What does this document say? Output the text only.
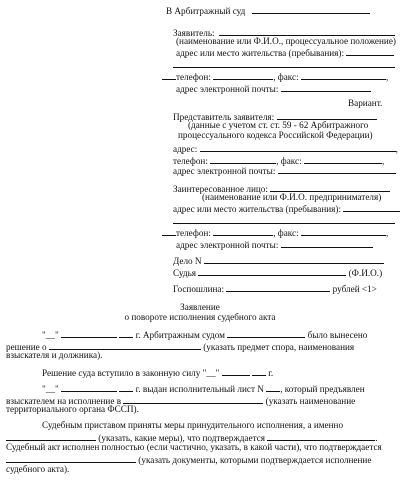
В Арбитражный суд
Заявитель:
(наименование или Ф.И.О., процессуальное положение)
адрес или место жительства (пребывания):
телефон:	, факс:	,
адрес электронной почты:
Вариант.
Представитель заявителя:
(данные с учетом ст. ст. 59 - 62 Арбитражного
процессуального кодекса Российской Федерации)
адрес:	,
телефон:	, факс:	,
адрес электронной почты:
Заинтересованное лицо:
(наименование или Ф.И.О. предпринимателя)
адрес или место жительства (пребывания):
телефон:	, факс:	,
адрес электронной почты:
Дело N
Судья	(Ф.И.О.)
Госпошлина:	рублей <1>
Заявление
о повороте исполнения судебного акта
"__"	г. Арбитражным судом	было вынесено
решение о	(указать предмет спора, наименования
взыскателя и должника).
Решение суда вступило в законную силу "__"	г.
"__"	г. выдан исполнительный лист N , который предъявлен
взыскателем на исполнение в	(указать наименование
территориального органа ФССП).
Судебным приставом приняты меры принудительного исполнения, а именно
(указать, какие меры), что подтверждается	.
Судебный акт исполнен полностью (если частично, указать, в какой части), что подтверждается
(указать документы, которыми подтверждается исполнение
судебного акта).
